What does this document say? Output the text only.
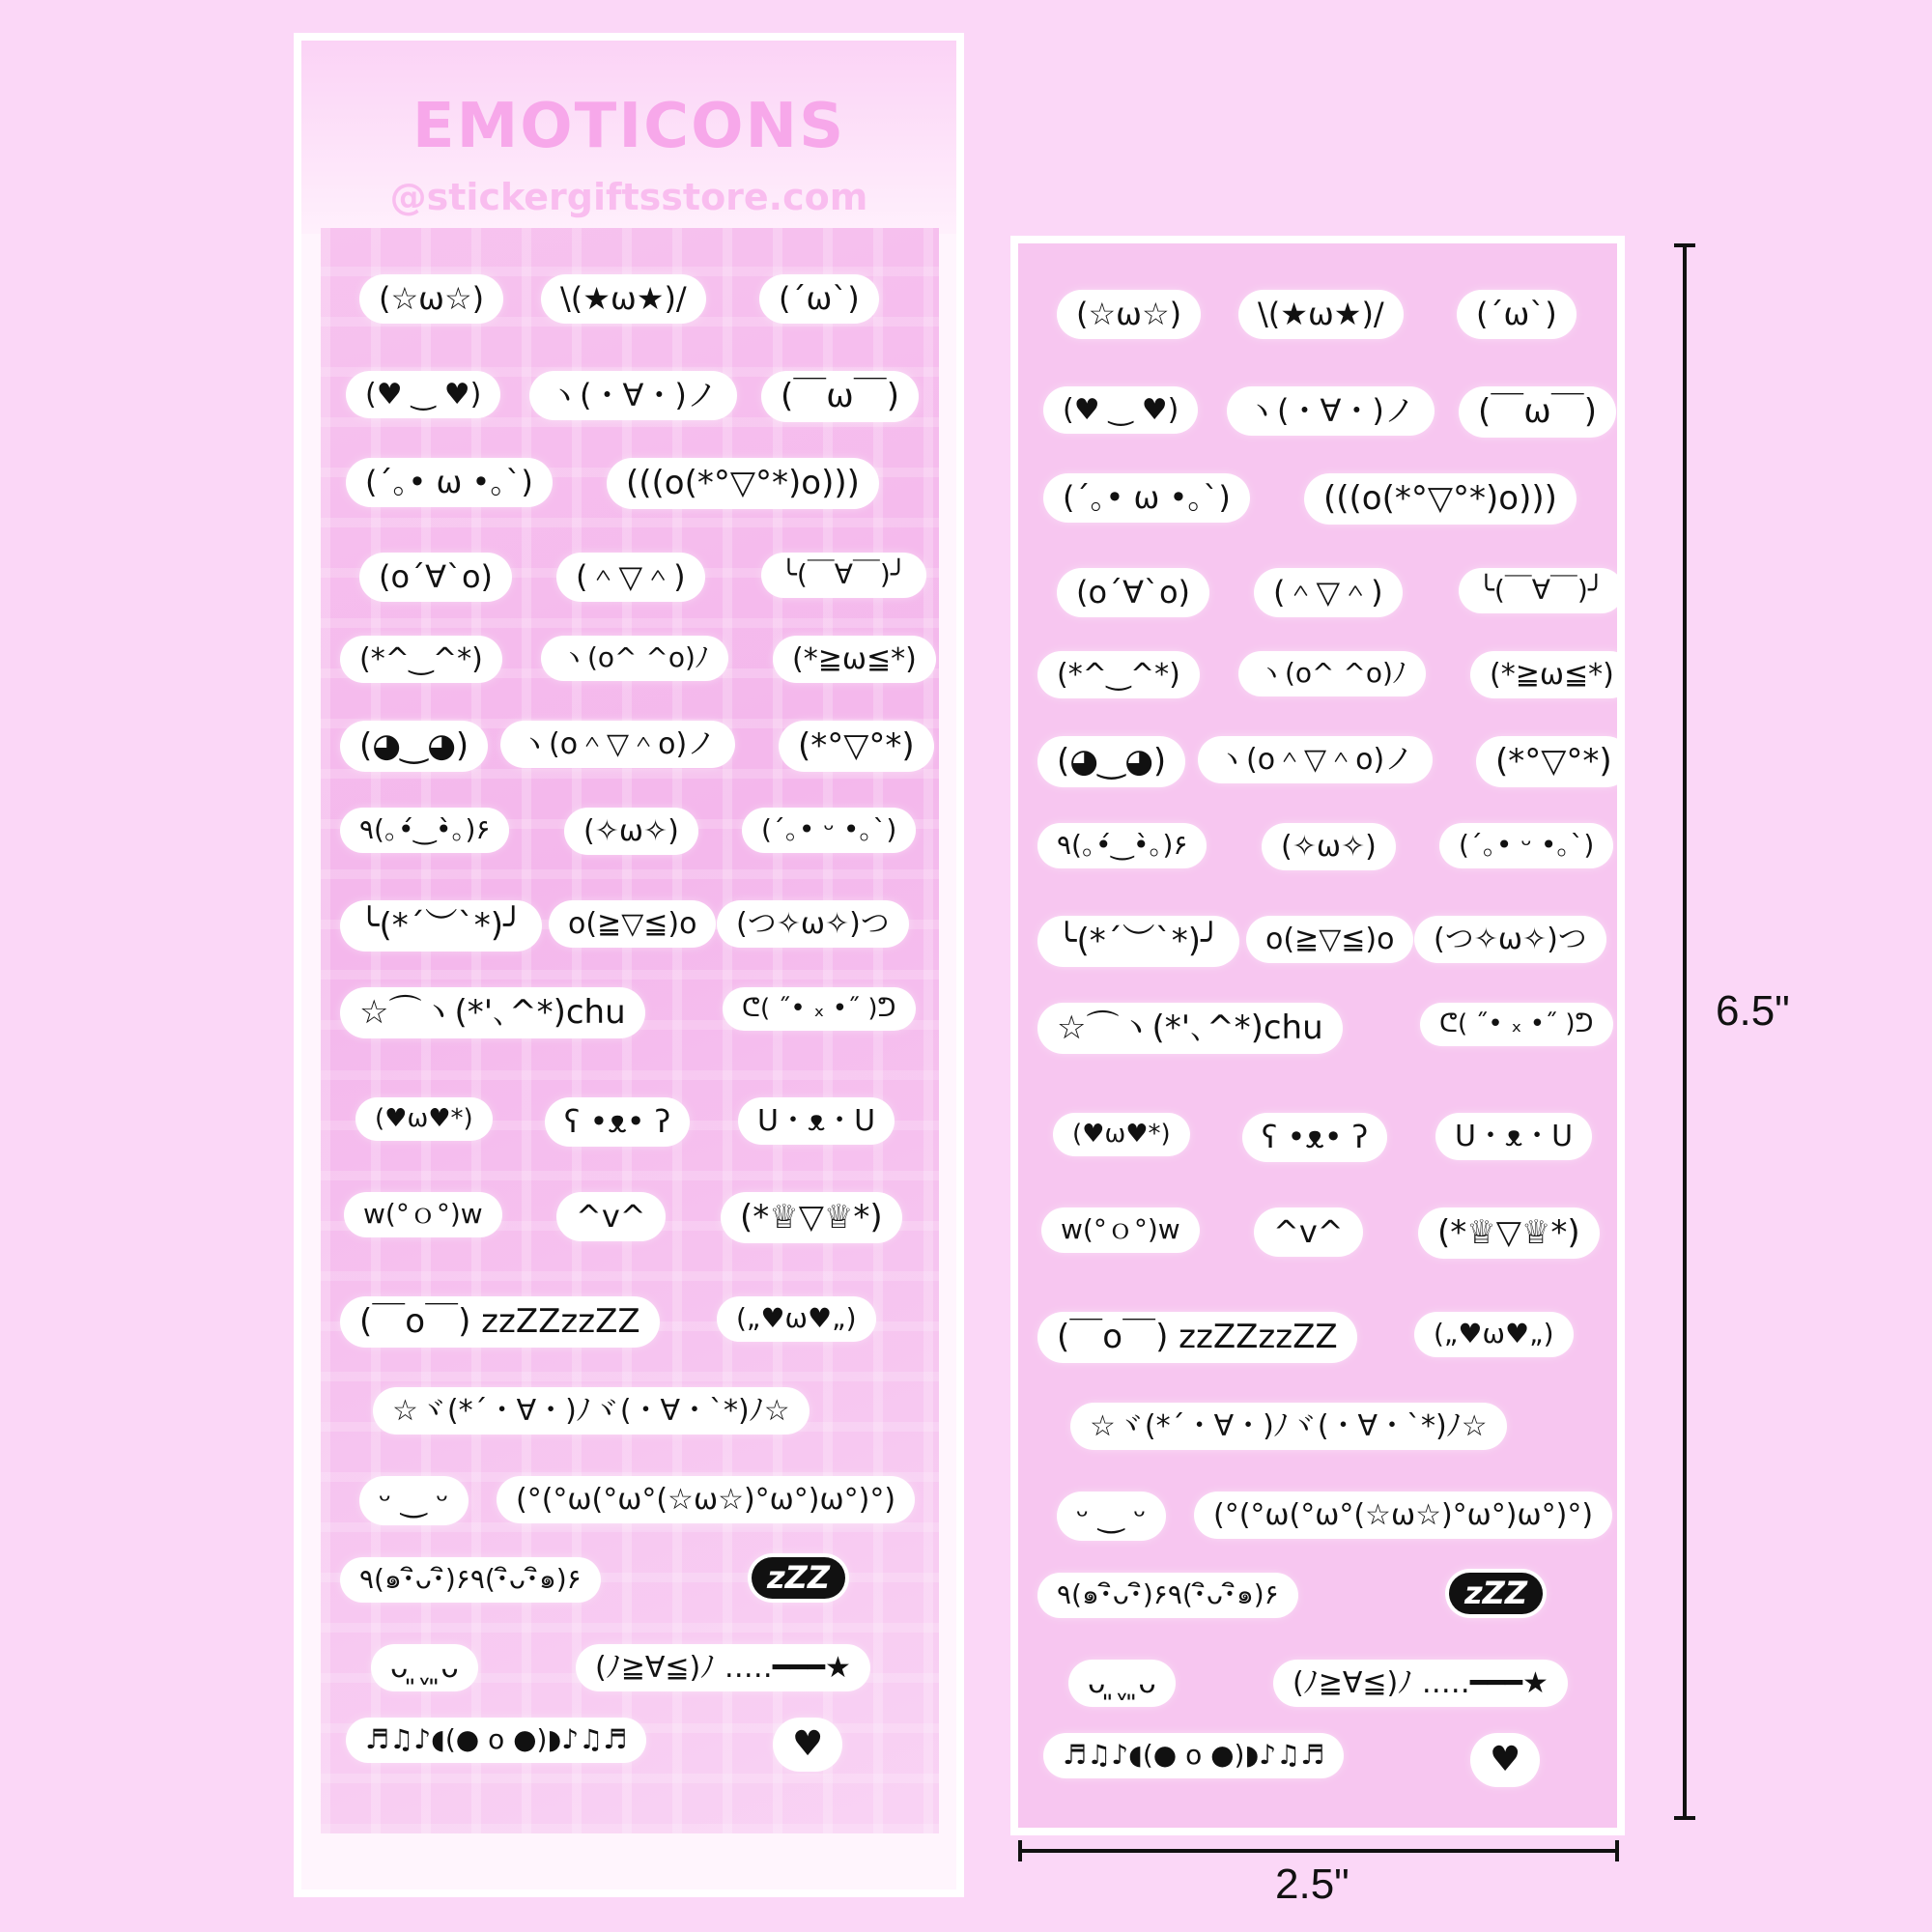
EMOTICONS
@stickergiftsstore.com
(☆ω☆)	\(★ω★)/	(´ω`)
(♥ ‿ ♥)	ヽ(・∀・)ノ	(￣ω￣)
(´｡• ω •｡`)	(((o(*°▽°*)o)))
(o´∀`o)	(＾▽＾)	╰(￣∀￣)╯
(*^‿^*)	ヽ(o^ ^o)ﾉ	(*≧ω≦*)
(◕‿◕)	ヽ(o＾▽＾o)ノ	(*°▽°*)
٩(｡•́‿•̀｡)۶	(✧ω✧)	(´｡• ᵕ •｡`)
╰(*´︶`*)╯	o(≧▽≦)o	(つ✧ω✧)つ
☆⌒ヽ(*'､^*)chu	ᕦ( ˝• ₓ •˝ )ᕤ
(♥ω♥*)	ʕ •ᴥ• ʔ	U・ᴥ・U
w(°ｏ°)w	^v^	(*♕▽♕*)
(￣o￣) zzZZzzZZ	(„♥ω♥„)
☆ヾ(*´・∀・)ﾉヾ(・∀・`*)ﾉ☆
ᵕ ‿ ᵕ	(°(°ω(°ω°(☆ω☆)°ω°)ω°)°)
٩(๑･ิᴗ･ิ)۶٩(･ิᴗ･ิ๑)۶	zZZ
ᴗ ͈ˬ ͈ᴗ	(ﾉ≧∀≦)ﾉ ‥…━━━★
♬♫♪◖(● o ●)◗♪♫♬	♥
(☆ω☆)	\(★ω★)/	(´ω`)
(♥ ‿ ♥)	ヽ(・∀・)ノ	(￣ω￣)
(´｡• ω •｡`)	(((o(*°▽°*)o)))
(o´∀`o)	(＾▽＾)	╰(￣∀￣)╯
(*^‿^*)	ヽ(o^ ^o)ﾉ	(*≧ω≦*)
(◕‿◕)	ヽ(o＾▽＾o)ノ	(*°▽°*)
٩(｡•́‿•̀｡)۶	(✧ω✧)	(´｡• ᵕ •｡`)
╰(*´︶`*)╯	o(≧▽≦)o	(つ✧ω✧)つ
☆⌒ヽ(*'､^*)chu	ᕦ( ˝• ₓ •˝ )ᕤ
(♥ω♥*)	ʕ •ᴥ• ʔ	U・ᴥ・U
w(°ｏ°)w	^v^	(*♕▽♕*)
(￣o￣) zzZZzzZZ	(„♥ω♥„)
☆ヾ(*´・∀・)ﾉヾ(・∀・`*)ﾉ☆
ᵕ ‿ ᵕ	(°(°ω(°ω°(☆ω☆)°ω°)ω°)°)
٩(๑･ิᴗ･ิ)۶٩(･ิᴗ･ิ๑)۶	zZZ
ᴗ ͈ˬ ͈ᴗ	(ﾉ≧∀≦)ﾉ ‥…━━━★
♬♫♪◖(● o ●)◗♪♫♬	♥
6.5"
2.5"
